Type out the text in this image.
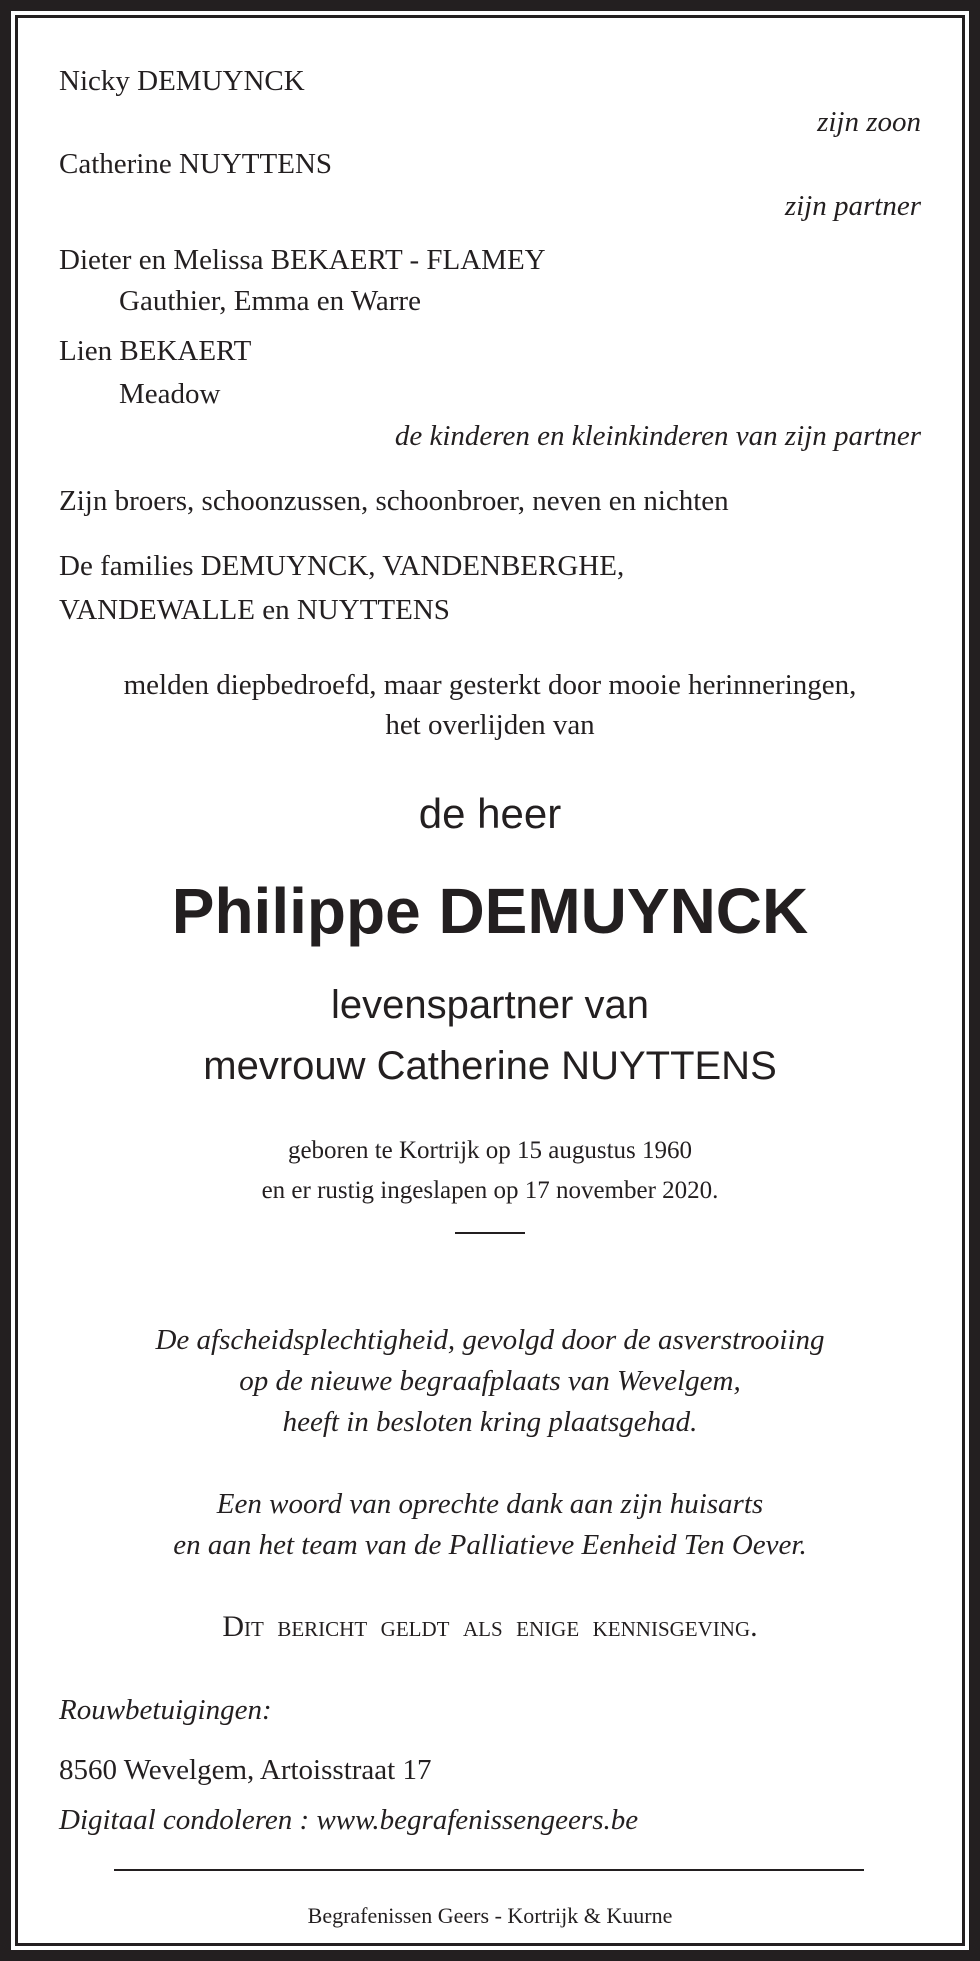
Nicky DEMUYNCK
zijn zoon
Catherine NUYTTENS
zijn partner
Dieter en Melissa BEKAERT - FLAMEY
Gauthier, Emma en Warre
Lien BEKAERT
Meadow
de kinderen en kleinkinderen van zijn partner
Zijn broers, schoonzussen, schoonbroer, neven en nichten
De families DEMUYNCK, VANDENBERGHE,
VANDEWALLE en NUYTTENS
melden diepbedroefd, maar gesterkt door mooie herinneringen,
het overlijden van
de heer
Philippe DEMUYNCK
levenspartner van
mevrouw Catherine NUYTTENS
geboren te Kortrijk op 15 augustus 1960
en er rustig ingeslapen op 17 november 2020.
De afscheidsplechtigheid, gevolgd door de asverstrooiing
op de nieuwe begraafplaats van Wevelgem,
heeft in besloten kring plaatsgehad.
Een woord van oprechte dank aan zijn huisarts
en aan het team van de Palliatieve Eenheid Ten Oever.
Dit bericht geldt als enige kennisgeving.
Rouwbetuigingen:
8560 Wevelgem, Artoisstraat 17
Digitaal condoleren : www.begrafenissengeers.be
Begrafenissen Geers - Kortrijk & Kuurne
